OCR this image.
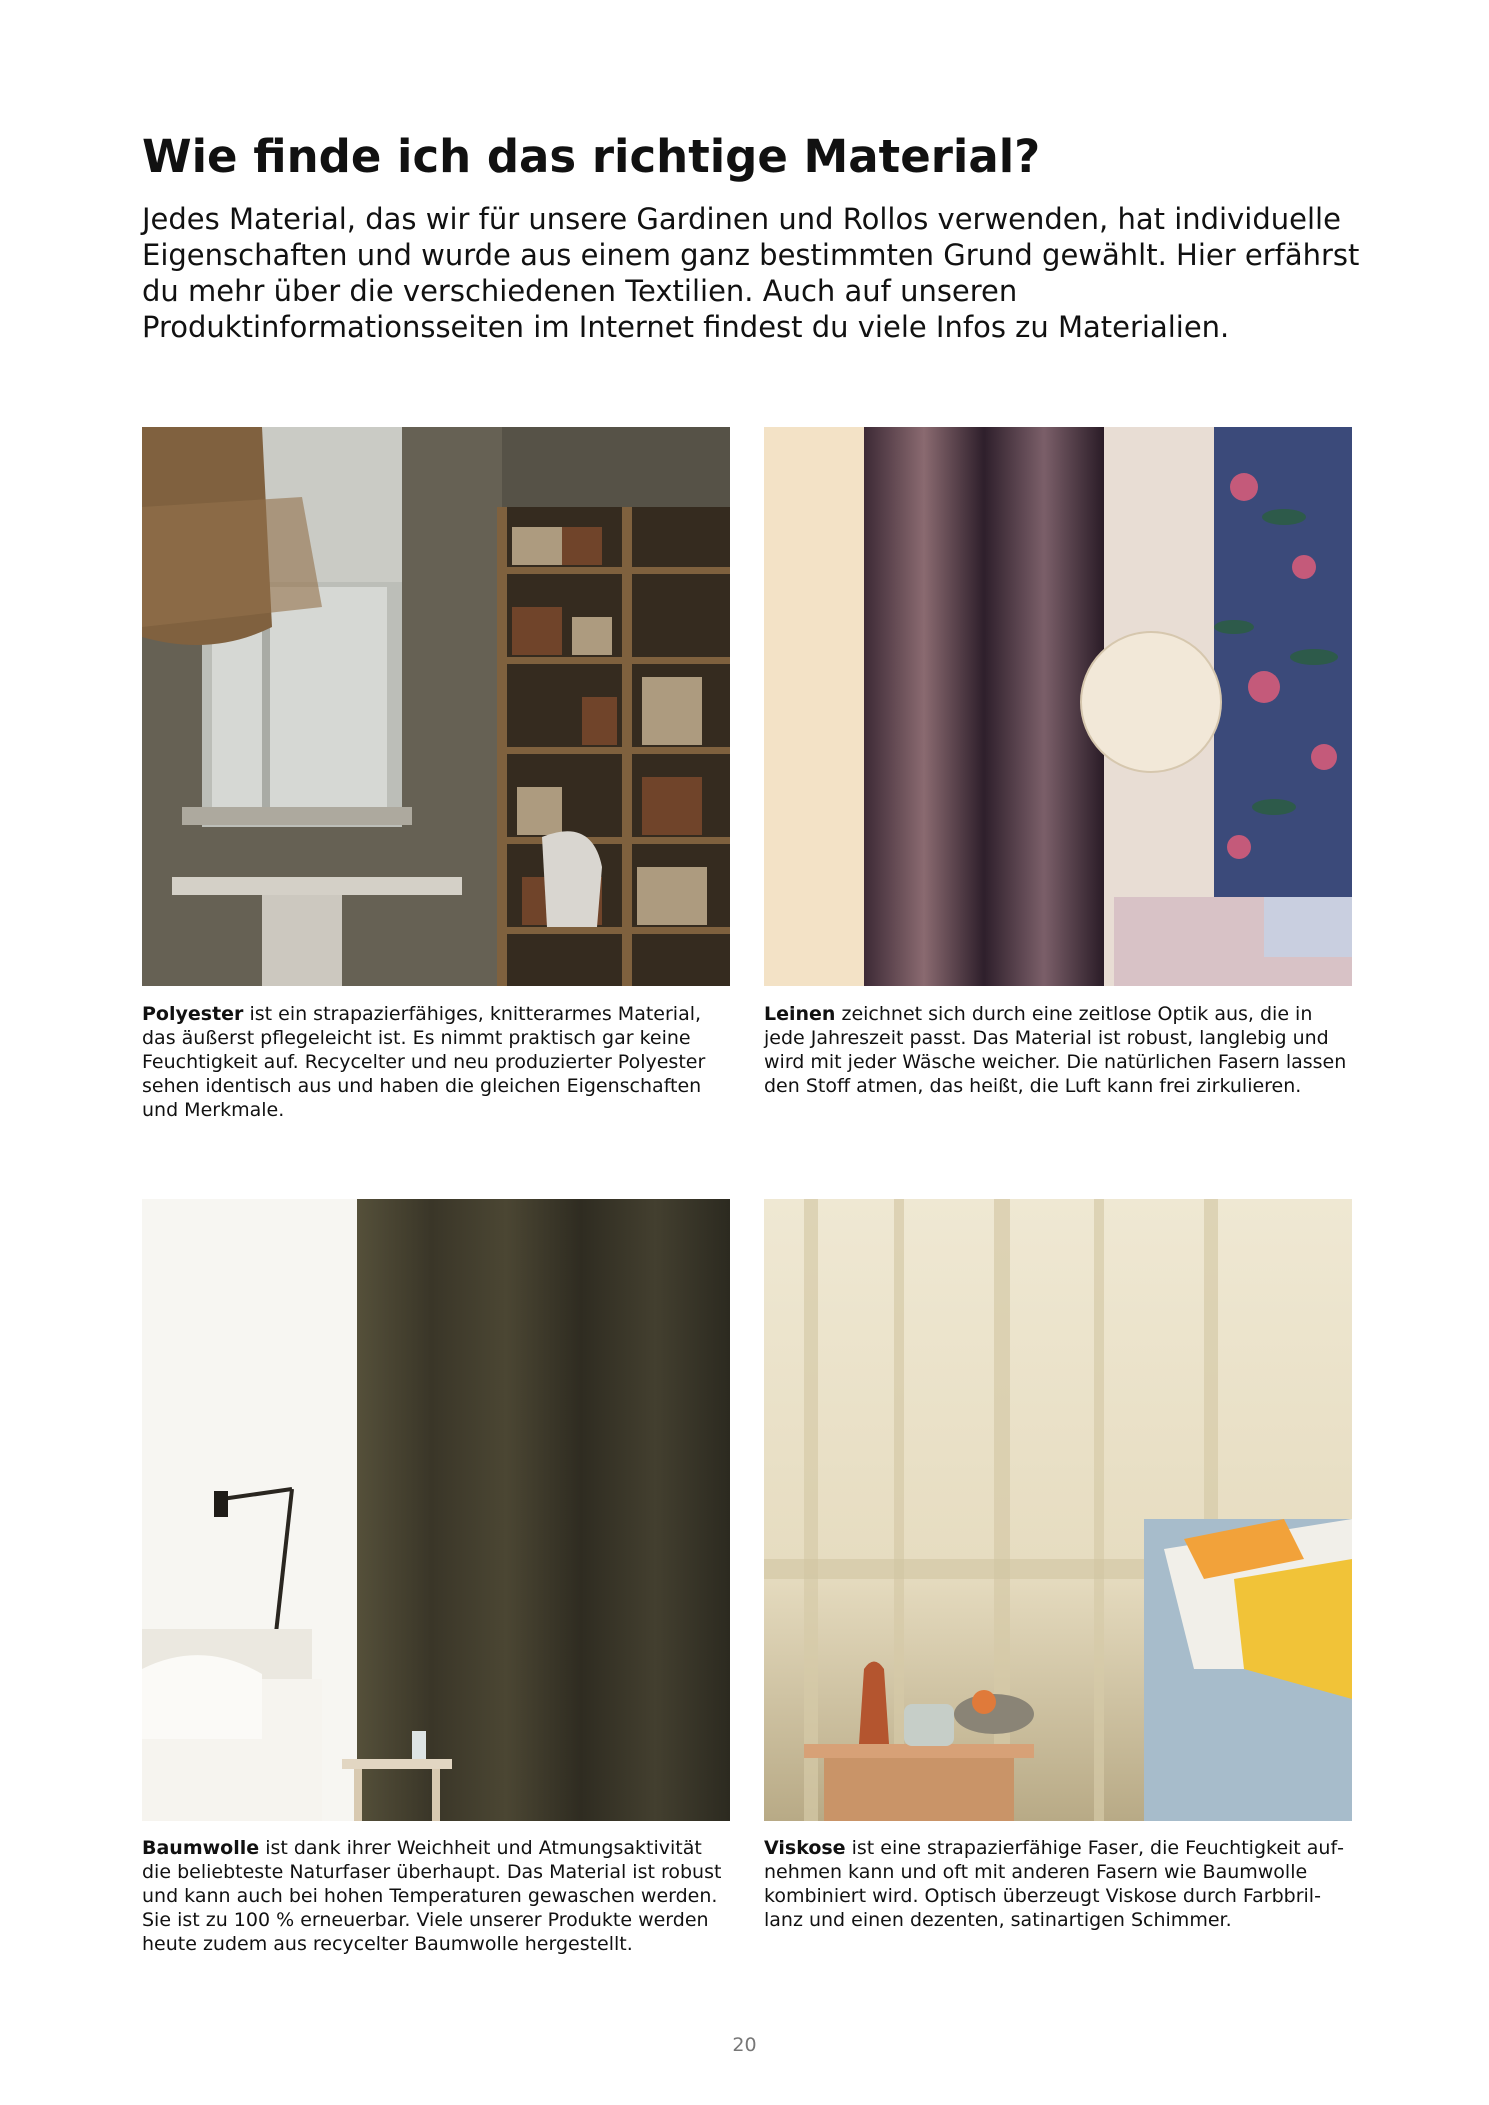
Wie finde ich das richtige Material?

Jedes Material, das wir für unsere Gardinen und Rollos verwenden, hat individuelle Eigenschaften und wurde aus einem ganz bestimmten Grund gewählt. Hier erfährst du mehr über die verschiedenen Textilien. Auch auf unseren Produktinformationsseiten im Internet findest du viele Infos zu Materialien.

Polyester ist ein strapazierfähiges, knitterarmes Material, das äußerst pflegeleicht ist. Es nimmt praktisch gar keine Feuchtigkeit auf. Recycelter und neu produzierter Polyester sehen identisch aus und haben die gleichen Eigenschaften und Merkmale.
Leinen zeichnet sich durch eine zeitlose Optik aus, die in jede Jahreszeit passt. Das Material ist robust, langlebig und wird mit jeder Wäsche weicher. Die natürlichen Fasern lassen den Stoff atmen, das heißt, die Luft kann frei zirkulieren.
Baumwolle ist dank ihrer Weichheit und Atmungsaktivität die beliebteste Naturfaser überhaupt. Das Material ist robust und kann auch bei hohen Temperaturen gewaschen werden. Sie ist zu 100 % erneuerbar. Viele unserer Produkte werden heute zudem aus recycelter Baumwolle hergestellt.
Viskose ist eine strapazierfähige Faser, die Feuchtigkeit aufnehmen kann und oft mit anderen Fasern wie Baumwolle kombiniert wird. Optisch überzeugt Viskose durch Farbbrillanz und einen dezenten, satinartigen Schimmer.
20
